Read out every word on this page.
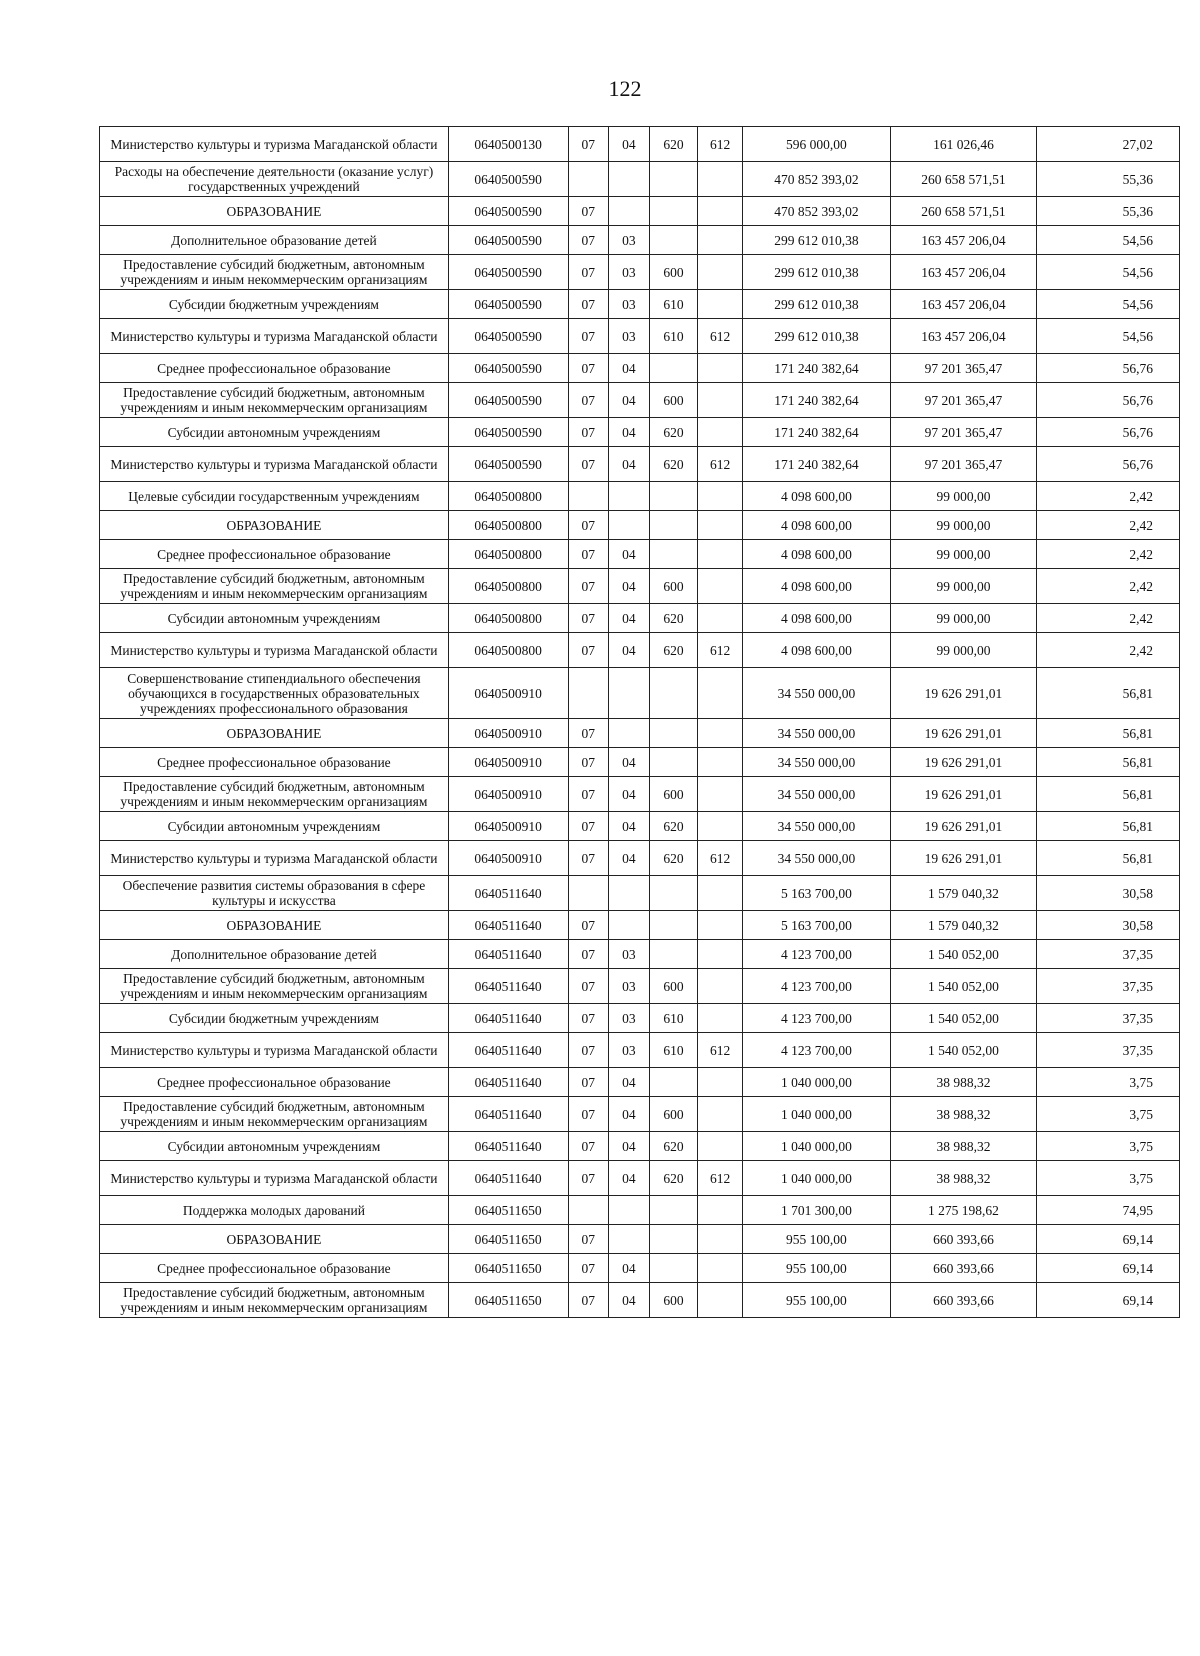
122
Министерство культуры и туризма Магаданской области	0640500130	07	04	620	612	596 000,00	161 026,46	27,02
Расходы на обеспечение деятельности (оказание услуг) государственных учреждений	0640500590					470 852 393,02	260 658 571,51	55,36
ОБРАЗОВАНИЕ	0640500590	07				470 852 393,02	260 658 571,51	55,36
Дополнительное образование детей	0640500590	07	03			299 612 010,38	163 457 206,04	54,56
Предоставление субсидий бюджетным, автономным учреждениям и иным некоммерческим организациям	0640500590	07	03	600		299 612 010,38	163 457 206,04	54,56
Субсидии бюджетным учреждениям	0640500590	07	03	610		299 612 010,38	163 457 206,04	54,56
Министерство культуры и туризма Магаданской области	0640500590	07	03	610	612	299 612 010,38	163 457 206,04	54,56
Среднее профессиональное образование	0640500590	07	04			171 240 382,64	97 201 365,47	56,76
Предоставление субсидий бюджетным, автономным учреждениям и иным некоммерческим организациям	0640500590	07	04	600		171 240 382,64	97 201 365,47	56,76
Субсидии автономным учреждениям	0640500590	07	04	620		171 240 382,64	97 201 365,47	56,76
Министерство культуры и туризма Магаданской области	0640500590	07	04	620	612	171 240 382,64	97 201 365,47	56,76
Целевые субсидии государственным учреждениям	0640500800					4 098 600,00	99 000,00	2,42
ОБРАЗОВАНИЕ	0640500800	07				4 098 600,00	99 000,00	2,42
Среднее профессиональное образование	0640500800	07	04			4 098 600,00	99 000,00	2,42
Предоставление субсидий бюджетным, автономным учреждениям и иным некоммерческим организациям	0640500800	07	04	600		4 098 600,00	99 000,00	2,42
Субсидии автономным учреждениям	0640500800	07	04	620		4 098 600,00	99 000,00	2,42
Министерство культуры и туризма Магаданской области	0640500800	07	04	620	612	4 098 600,00	99 000,00	2,42
Совершенствование стипендиального обеспечения обучающихся в государственных образовательных учреждениях профессионального образования	0640500910					34 550 000,00	19 626 291,01	56,81
ОБРАЗОВАНИЕ	0640500910	07				34 550 000,00	19 626 291,01	56,81
Среднее профессиональное образование	0640500910	07	04			34 550 000,00	19 626 291,01	56,81
Предоставление субсидий бюджетным, автономным учреждениям и иным некоммерческим организациям	0640500910	07	04	600		34 550 000,00	19 626 291,01	56,81
Субсидии автономным учреждениям	0640500910	07	04	620		34 550 000,00	19 626 291,01	56,81
Министерство культуры и туризма Магаданской области	0640500910	07	04	620	612	34 550 000,00	19 626 291,01	56,81
Обеспечение развития системы образования в сфере культуры и искусства	0640511640					5 163 700,00	1 579 040,32	30,58
ОБРАЗОВАНИЕ	0640511640	07				5 163 700,00	1 579 040,32	30,58
Дополнительное образование детей	0640511640	07	03			4 123 700,00	1 540 052,00	37,35
Предоставление субсидий бюджетным, автономным учреждениям и иным некоммерческим организациям	0640511640	07	03	600		4 123 700,00	1 540 052,00	37,35
Субсидии бюджетным учреждениям	0640511640	07	03	610		4 123 700,00	1 540 052,00	37,35
Министерство культуры и туризма Магаданской области	0640511640	07	03	610	612	4 123 700,00	1 540 052,00	37,35
Среднее профессиональное образование	0640511640	07	04			1 040 000,00	38 988,32	3,75
Предоставление субсидий бюджетным, автономным учреждениям и иным некоммерческим организациям	0640511640	07	04	600		1 040 000,00	38 988,32	3,75
Субсидии автономным учреждениям	0640511640	07	04	620		1 040 000,00	38 988,32	3,75
Министерство культуры и туризма Магаданской области	0640511640	07	04	620	612	1 040 000,00	38 988,32	3,75
Поддержка молодых дарований	0640511650					1 701 300,00	1 275 198,62	74,95
ОБРАЗОВАНИЕ	0640511650	07				955 100,00	660 393,66	69,14
Среднее профессиональное образование	0640511650	07	04			955 100,00	660 393,66	69,14
Предоставление субсидий бюджетным, автономным учреждениям и иным некоммерческим организациям	0640511650	07	04	600		955 100,00	660 393,66	69,14
